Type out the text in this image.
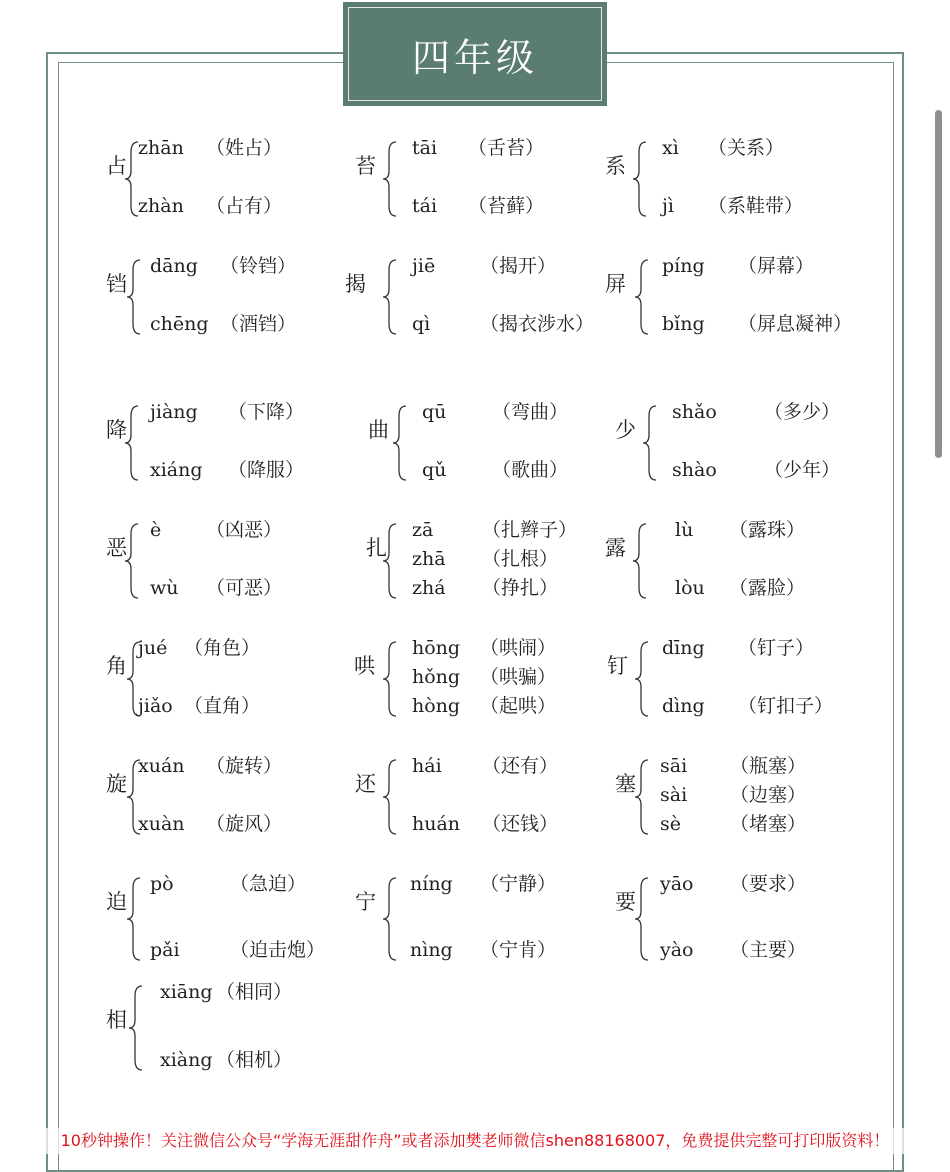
四年级
占
zhān （姓占）
zhàn （占有）
苔
tāi （舌苔）
tái （苔藓）
系
xì （关系）
jì （系鞋带）
铛
dāng （铃铛）
chēng （酒铛）
揭
jiē （揭开）
qì	（揭衣涉水）
屏
píng （屏幕）
bǐng （屏息凝神）
降
jiàng （下降）
xiáng （降服）
曲
qū （弯曲）
qǔ （歌曲）
少
shǎo （多少）
shào （少年）
恶
è （凶恶）
wù （可恶）
扎
zā	（扎辫子）
zhā （扎根）
zhá （挣扎）
露
lù （露珠）
lòu （露脸）
角
jué （角色）
jiǎo （直角）
哄
hōng （哄闹）
hǒng （哄骗）
hòng （起哄）
钉
dīng （钉子）
dìng （钉扣子）
旋
xuán （旋转）
xuàn （旋风）
还
hái （还有）
huán （还钱）
塞
sāi （瓶塞）
sài （边塞）
sè	（堵塞）
迫
pò	（急迫）
pǎi	（迫击炮）
宁
níng （宁静）
nìng （宁肯）
要
yāo （要求）
yào （主要）
相
xiāng （相同）
xiàng （相机）
10秒钟操作！关注微信公众号“学海无涯甜作舟”或者添加樊老师微信shen88168007，免费提供完整可打印版资料！
